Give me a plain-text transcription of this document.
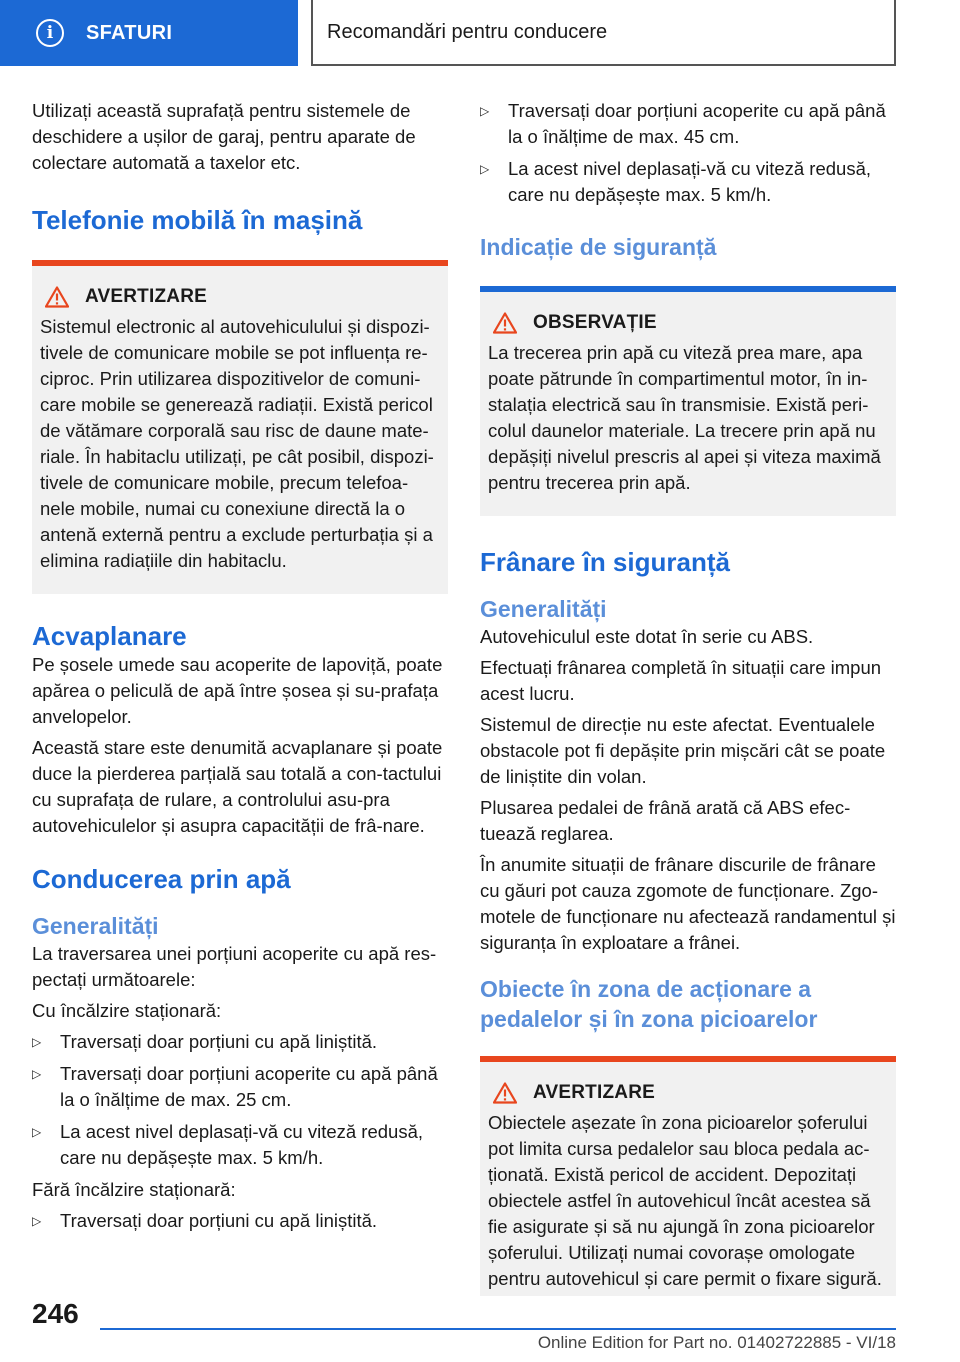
i	SFATURI	Recomandări pentru conducere

Utilizați această suprafață pentru sistemele de deschidere a ușilor de garaj, pentru aparate de colectare automată a taxelor etc.

Telefonie mobilă în mașină
AVERTIZARE

Sistemul electronic al autovehiculului și dispozi-tivele de comunicare mobile se pot influența re-ciproc. Prin utilizarea dispozitivelor de comuni-care mobile se generează radiații. Există pericol de vătămare corporală sau risc de daune mate-riale. În habitaclu utilizați, pe cât posibil, dispozi-tivele de comunicare mobile, precum telefoa-nele mobile, numai cu conexiune directă la o antenă externă pentru a exclude perturbația și a elimina radiațiile din habitaclu.

Acvaplanare

Pe șosele umede sau acoperite de lapoviță, poate apărea o peliculă de apă între șosea și su-prafața anvelopelor.

Această stare este denumită acvaplanare și poate duce la pierderea parțială sau totală a con-tactului cu suprafața de rulare, a controlului asu-pra autovehiculelor și asupra capacității de frâ-nare.

Conducerea prin apă
Generalități

La traversarea unei porțiuni acoperite cu apă res-pectați următoarele:

Cu încălzire staționară:

▷	Traversați doar porțiuni cu apă liniștită.
▷	Traversați doar porțiuni acoperite cu apă până la o înălțime de max. 25 cm.
▷	La acest nivel deplasați-vă cu viteză redusă, care nu depășește max. 5 km/h.

Fără încălzire staționară:

▷	Traversați doar porțiuni cu apă liniștită.
▷	Traversați doar porțiuni acoperite cu apă până la o înălțime de max. 45 cm.
▷	La acest nivel deplasați-vă cu viteză redusă, care nu depășește max. 5 km/h.
Indicație de siguranță
OBSERVAȚIE

La trecerea prin apă cu viteză prea mare, apa poate pătrunde în compartimentul motor, în in-stalația electrică sau în transmisie. Există peri-colul daunelor materiale. La trecere prin apă nu depășiți nivelul prescris al apei și viteza maximă pentru trecerea prin apă.

Frânare în siguranță
Generalități

Autovehiculul este dotat în serie cu ABS.

Efectuați frânarea completă în situații care impun acest lucru.

Sistemul de direcție nu este afectat. Eventualele obstacole pot fi depășite prin mișcări cât se poate de liniștite din volan.

Plusarea pedalei de frână arată că ABS efec-tuează reglarea.

În anumite situații de frânare discurile de frânare cu găuri pot cauza zgomote de funcționare. Zgo-motele de funcționare nu afectează randamentul și siguranța în exploatare a frânei.

Obiecte în zona de acționare a pedalelor și în zona picioarelor
AVERTIZARE

Obiectele așezate în zona picioarelor șoferului pot limita cursa pedalelor sau bloca pedala ac-ționată. Există pericol de accident. Depozitați obiectele astfel în autovehicul încât acestea să fie asigurate și să nu ajungă în zona picioarelor șoferului. Utilizați numai covorașe omologate pentru autovehicul și care permit o fixare sigură.

246
Online Edition for Part no. 01402722885 - VI/18
